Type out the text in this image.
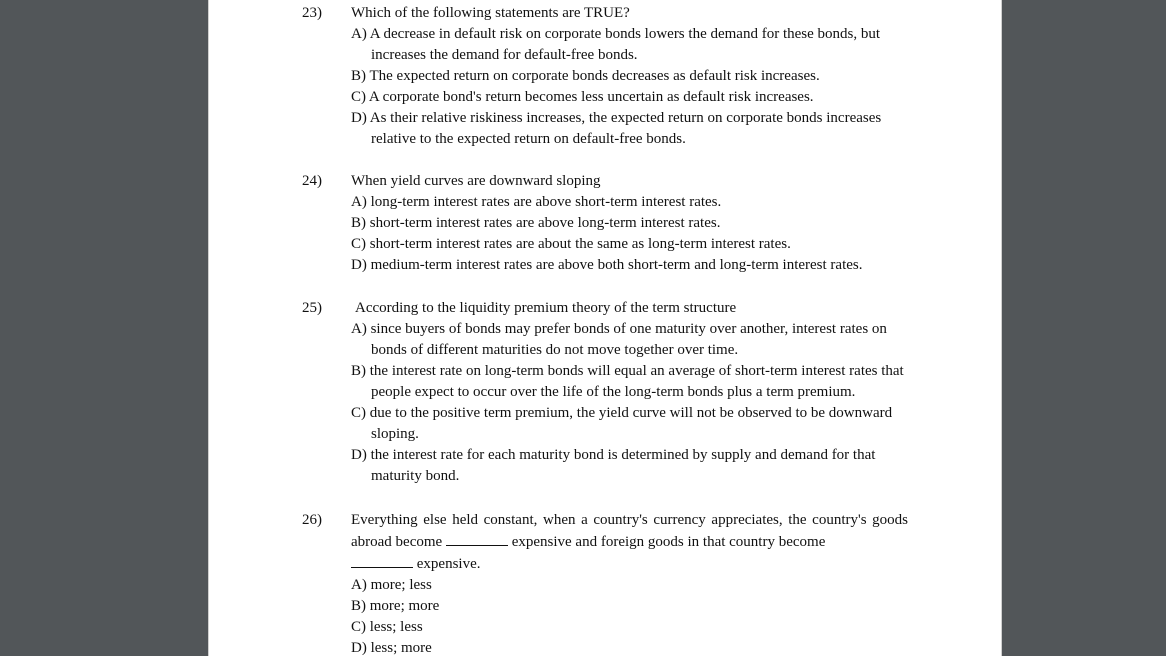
23) Which of the following statements are TRUE?

A) A decrease in default risk on corporate bonds lowers the demand for these bonds, but increases the demand for default-free bonds.

B) The expected return on corporate bonds decreases as default risk increases.

C) A corporate bond's return becomes less uncertain as default risk increases.

D) As their relative riskiness increases, the expected return on corporate bonds increases relative to the expected return on default-free bonds.

24) When yield curves are downward sloping

A) long-term interest rates are above short-term interest rates.

B) short-term interest rates are above long-term interest rates.

C) short-term interest rates are about the same as long-term interest rates.

D) medium-term interest rates are above both short-term and long-term interest rates.

25) According to the liquidity premium theory of the term structure

A) since buyers of bonds may prefer bonds of one maturity over another, interest rates on bonds of different maturities do not move together over time.

B) the interest rate on long-term bonds will equal an average of short-term interest rates that people expect to occur over the life of the long-term bonds plus a term premium.

C) due to the positive term premium, the yield curve will not be observed to be downward sloping.

D) the interest rate for each maturity bond is determined by supply and demand for that maturity bond.

26) Everything else held constant, when a country's currency appreciates, the country's goods abroad become	expensive and foreign goods in that country become

expensive.

A) more; less

B) more; more

C) less; less

D) less; more
